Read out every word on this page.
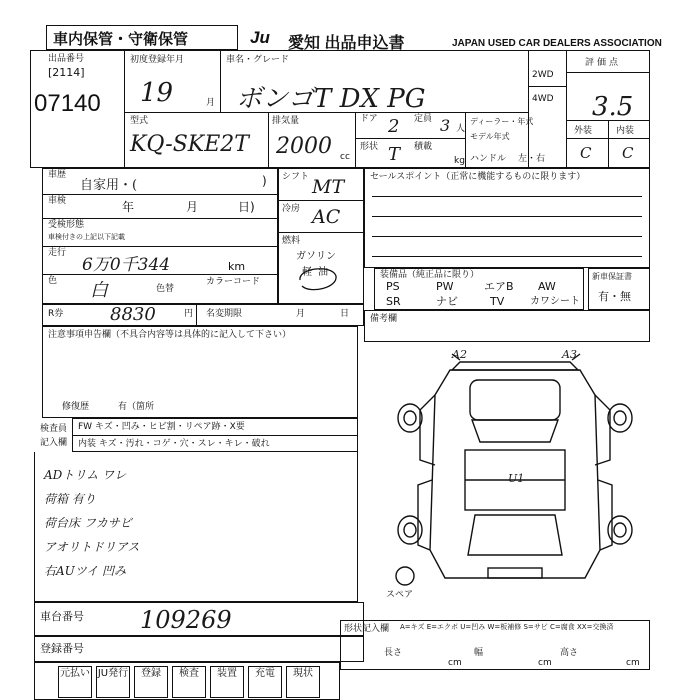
車内保管・守衛保管	Ju 愛知 出品申込書	JAPAN USED CAR DEALERS ASSOCIATION
出品番号
[2114]
07140
初度登録年月
19	月
車名・グレード
ボンゴT DX PG
2WD
4WD
評価点
3.5
外装	内装
C C
型式
KQ-SKE2T
排気量
2000 cc
ドア 2 定員 3 人
形状 T 積載
kg
ディーラー・年式
モデル年式
ハンドル 左・右
車歴
自家用・(	)
車検	年	月	日)
受検形態
車検付きの上記以下記載
走行
6万0千344	km
色 白	色替
カラーコード
シフト MT
冷房 AC
燃料
ガソリン
軽油
セールスポイント（正常に機能するものに限ります）
装備品（純正品に限り）
PS	PW	エアB AW
SR	ナビ	TV	カワシート
新車保証書
有・無
R券	8830	円 名変期限	月	日
注意事項申告欄（不具合内容等は具体的に記入して下さい）
修復歴	有（箇所
備考欄
検査員記入欄
FW キズ・凹み・ヒビ割・リペア跡・X要
内装 キズ・汚れ・コゲ・穴・スレ・キレ・破れ
ADトリム ワレ
荷箱 有り
荷台床 フカサビ
アオリトドリアス
右AUツイ 凹み
A2	A3
U1
スペア
車台番号 109269
登録番号
形状記入欄 A=キズ E=エクボ U=凹み W=板補修 S=サビ C=腐食 XX=交換済
長さ	幅	高さ
cm	cm	cm
元払い JU発行	登録	検査	装置	充電	現状
